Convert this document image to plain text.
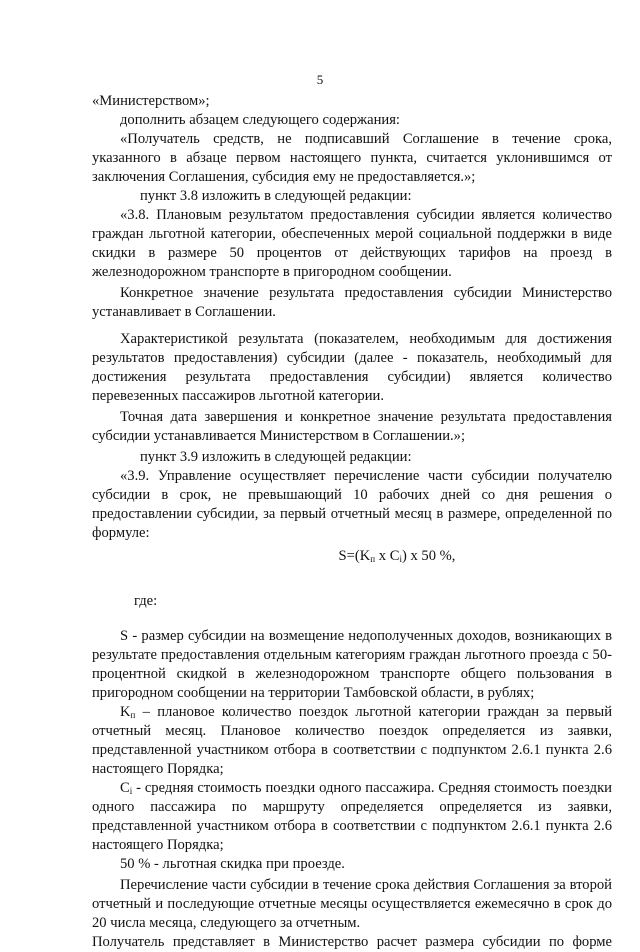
5

«Министерством»;

дополнить абзацем следующего содержания:

«Получатель средств, не подписавший Соглашение в течение срока, указанного в абзаце первом настоящего пункта, считается уклонившимся от заключения Соглашения, субсидия ему не предоставляется.»;

пункт 3.8 изложить в следующей редакции:

«3.8. Плановым результатом предоставления субсидии является количество граждан льготной категории, обеспеченных мерой социальной поддержки в виде скидки в размере 50 процентов от действующих тарифов на проезд в железнодорожном транспорте в пригородном сообщении.

Конкретное значение результата предоставления субсидии Министерство устанавливает в Соглашении.

Характеристикой результата (показателем, необходимым для достижения результатов предоставления) субсидии (далее - показатель, необходимый для достижения результата предоставления субсидии) является количество перевезенных пассажиров льготной категории.

Точная дата завершения и конкретное значение результата предоставления субсидии устанавливается Министерством в Соглашении.»;

пункт 3.9 изложить в следующей редакции:

«3.9. Управление осуществляет перечисление части субсидии получателю субсидии в срок, не превышающий 10 рабочих дней со дня решения о предоставлении субсидии, за первый отчетный месяц в размере, определенной по формуле:

$S=(K_п$ x $C_i$) x 50 %,

где:

S - размер субсидии на возмещение недополученных доходов, возникающих в результате предоставления отдельным категориям граждан льготного проезда с 50-процентной скидкой в железнодорожном транспорте общего пользования в пригородном сообщении на территории Тамбовской области, в рублях;

$K_п$ – плановое количество поездок льготной категории граждан за первый отчетный месяц. Плановое количество поездок определяется из заявки, представленной участником отбора в соответствии с подпунктом 2.6.1 пункта 2.6 настоящего Порядка;

$C_i$ - средняя стоимость поездки одного пассажира. Средняя стоимость поездки одного пассажира по маршруту определяется определяется из заявки, представленной участником отбора в соответствии с подпунктом 2.6.1 пункта 2.6 настоящего Порядка;

50 % - льготная скидка при проезде.

Перечисление части субсидии в течение срока действия Соглашения за второй отчетный и последующие отчетные месяцы осуществляется ежемесячно в срок до 20 числа месяца, следующего за отчетным.

Получатель представляет в Министерство расчет размера субсидии по форме
